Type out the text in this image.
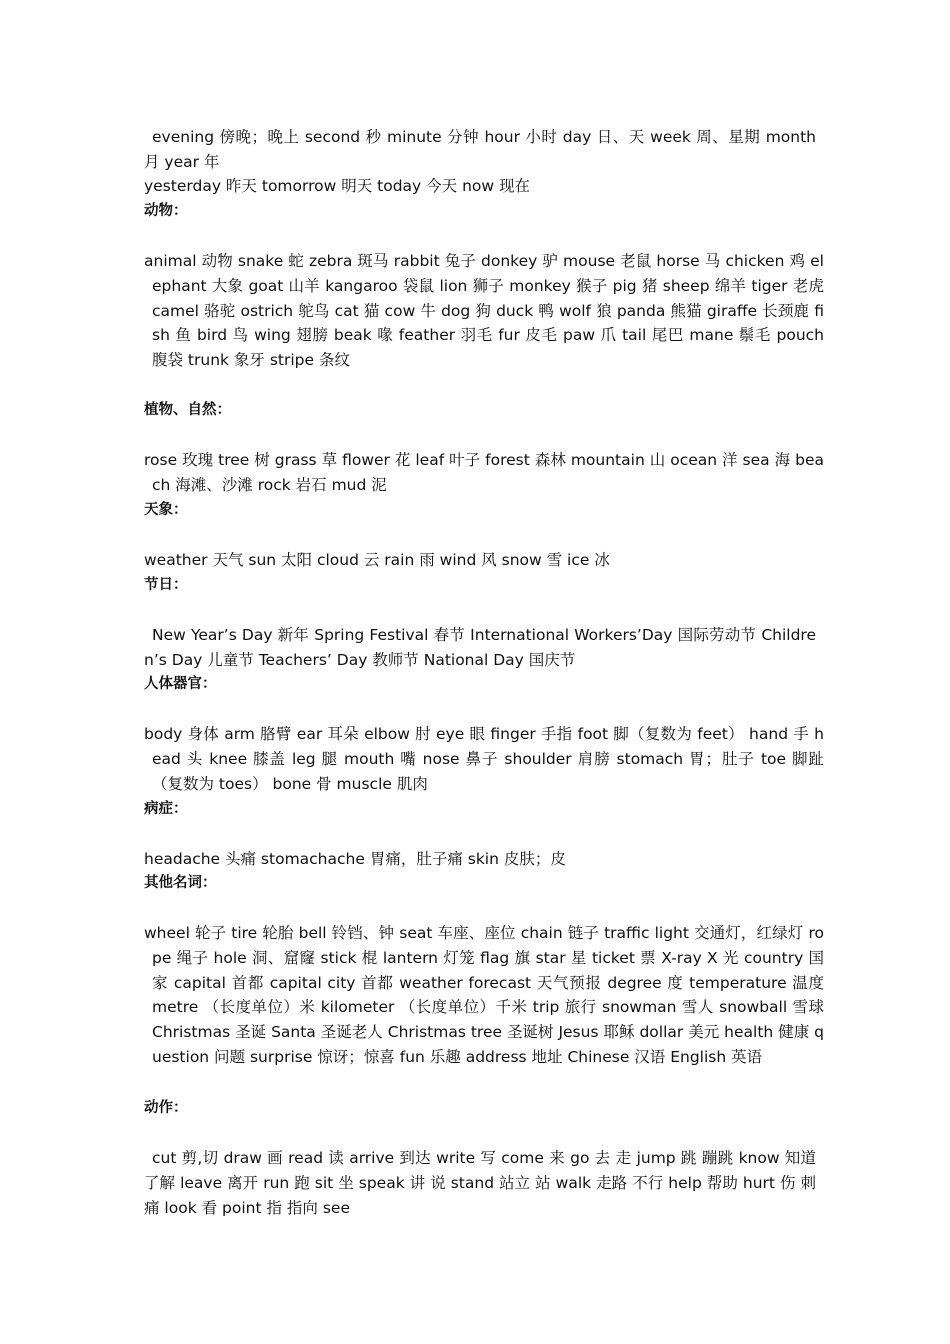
evening 傍晚；晚上 second 秒 minute 分钟 hour 小时 day 日、天 week 周、星期 month 月 year 年
yesterday 昨天 tomorrow 明天 today 今天 now 现在
动物：
animal 动物 snake 蛇 zebra 斑马 rabbit 兔子 donkey 驴 mouse 老鼠 horse 马 chicken 鸡 elephant 大象 goat 山羊 kangaroo 袋鼠 lion 狮子 monkey 猴子 pig 猪 sheep 绵羊 tiger 老虎 camel 骆驼 ostrich 鸵鸟 cat 猫 cow 牛 dog 狗 duck 鸭 wolf 狼 panda 熊猫 giraffe 长颈鹿 fish 鱼 bird 鸟 wing 翅膀 beak 喙 feather 羽毛 fur 皮毛 paw 爪 tail 尾巴 mane 鬃毛 pouch 腹袋 trunk 象牙 stripe 条纹
植物、自然：
rose 玫瑰 tree 树 grass 草 flower 花 leaf 叶子 forest 森林 mountain 山 ocean 洋 sea 海 beach 海滩、沙滩 rock 岩石 mud 泥
天象：
weather 天气 sun 太阳 cloud 云 rain 雨 wind 风 snow 雪 ice 冰
节日：
New Year’s Day 新年 Spring Festival 春节 International Workers’Day 国际劳动节 Children’s Day 儿童节 Teachers’ Day 教师节 National Day 国庆节
人体器官：
body 身体 arm 胳臂 ear 耳朵 elbow 肘 eye 眼 finger 手指 foot 脚（复数为 feet） hand 手 head 头 knee 膝盖 leg 腿 mouth 嘴 nose 鼻子 shoulder 肩膀 stomach 胃；肚子 toe 脚趾（复数为 toes） bone 骨 muscle 肌肉
病症：
headache 头痛 stomachache 胃痛，肚子痛 skin 皮肤；皮
其他名词：
wheel 轮子 tire 轮胎 bell 铃铛、钟 seat 车座、座位 chain 链子 traffic light 交通灯，红绿灯 rope 绳子 hole 洞、窟窿 stick 棍 lantern 灯笼 flag 旗 star 星 ticket 票 X-ray X 光 country 国家 capital 首都 capital city 首都 weather forecast 天气预报 degree 度 temperature 温度 metre （长度单位）米 kilometer （长度单位）千米 trip 旅行 snowman 雪人 snowball 雪球 Christmas 圣诞 Santa 圣诞老人 Christmas tree 圣诞树 Jesus 耶稣 dollar 美元 health 健康 question 问题 surprise 惊讶；惊喜 fun 乐趣 address 地址 Chinese 汉语 English 英语
动作：
cut 剪,切 draw 画 read 读 arrive 到达 write 写 come 来 go 去 走 jump 跳 蹦跳 know 知道 了解 leave 离开 run 跑 sit 坐 speak 讲 说 stand 站立 站 walk 走路 不行 help 帮助 hurt 伤 刺痛 look 看 point 指 指向 see
